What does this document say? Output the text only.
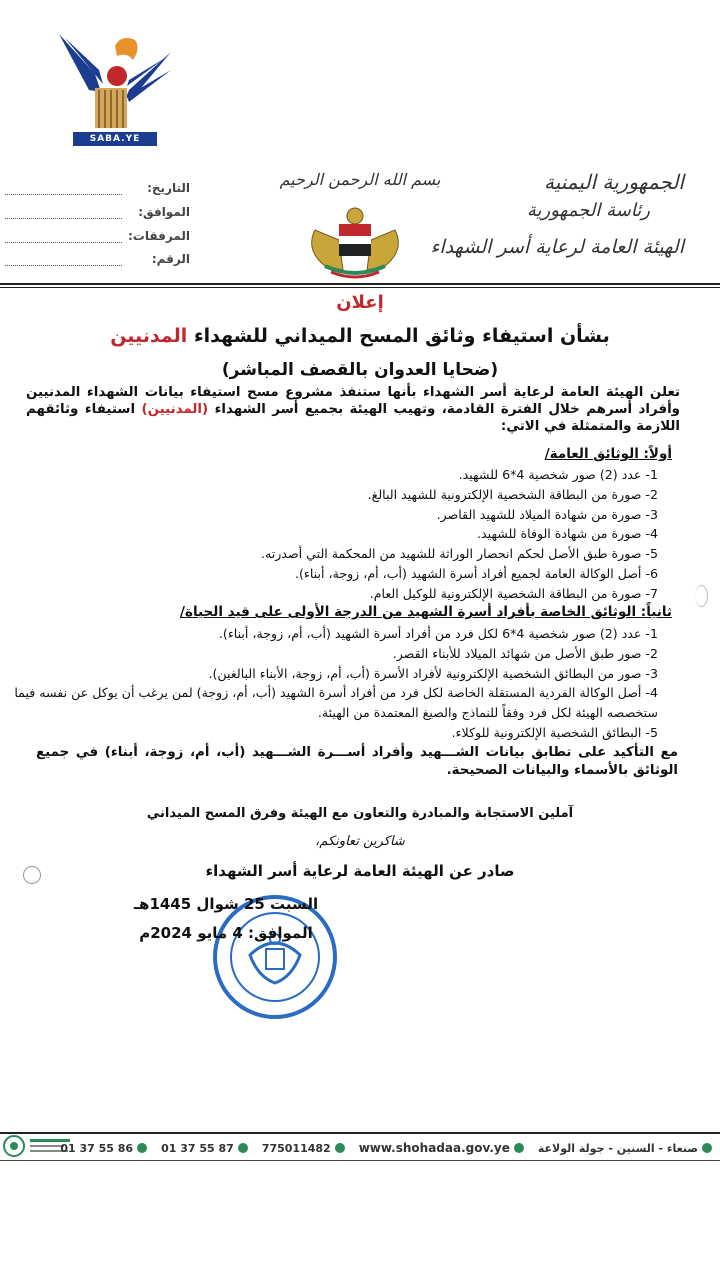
SABA.YE
الجمهورية اليمنية
رئاسة الجمهورية
الهيئة العامة لرعاية أسر الشهداء
بسم الله الرحمن الرحيم
التاريخ:
الموافق:
المرفقات:
الرقم:
إعلان
بشأن استيفاء وثائق المسح الميداني للشهداء المدنيين
(ضحايا العدوان بالقصف المباشر)
تعلن الهيئة العامة لرعاية أسر الشهداء بأنها ستنفذ مشروع مسح استيفاء بيانات الشهداء المدنيين وأفراد أسرهم خلال الفترة القادمة، وتهيب الهيئة بجميع أسر الشهداء (المدنيين) استيفاء وثائقهم اللازمة والمتمثلة في الاتي:
أولاً: الوثائق العامة/
1- عدد (2) صور شخصية 4*6 للشهيد.
2- صورة من البطاقة الشخصية الإلكترونية للشهيد البالغ.
3- صورة من شهادة الميلاد للشهيد القاصر.
4- صورة من شهادة الوفاة للشهيد.
5- صورة طبق الأصل لحكم انحصار الوراثة للشهيد من المحكمة التي أصدرته.
6- أصل الوكالة العامة لجميع أفراد أسرة الشهيد (أب، أم، زوجة، أبناء).
7- صورة من البطاقة الشخصية الإلكترونية للوكيل العام.
ثانياً: الوثائق الخاصة بأفراد أسرة الشهيد من الدرجة الأولى على قيد الحياة/
1- عدد (2) صور شخصية 4*6 لكل فرد من أفراد أسرة الشهيد (أب، أم، زوجة، أبناء).
2- صور طبق الأصل من شهائد الميلاد للأبناء القصر.
3- صور من البطائق الشخصية الإلكترونية لأفراد الأسرة (أب، أم، زوجة، الأبناء البالغين).
4- أصل الوكالة الفردية المستقلة الخاصة لكل فرد من أفراد أسرة الشهيد (أب، أم، زوجة) لمن يرغب أن يوكل عن نفسه فيما ستخصصه الهيئة لكل فرد وفقاً للنماذج والصيغ المعتمدة من الهيئة.
5- البطائق الشخصية الإلكترونية للوكلاء.
مع التأكيد على تطابق بيانات الشـــهيد وأفراد أســـرة الشـــهيد (أب، أم، زوجة، أبناء) في جميع الوثائق بالأسماء والبيانات الصحيحة.
آملين الاستجابة والمبادرة والتعاون مع الهيئة وفرق المسح الميداني
شاكرين تعاونكم،
صادر عن الهيئة العامة لرعاية أسر الشهداء
السبت 25 شوال 1445هـ
الموافق: 4 مايو 2024م
صنعاء - السنين - جولة الولاعة
www.shohadaa.gov.ye
775011482
01 37 55 87
01 37 55 86
